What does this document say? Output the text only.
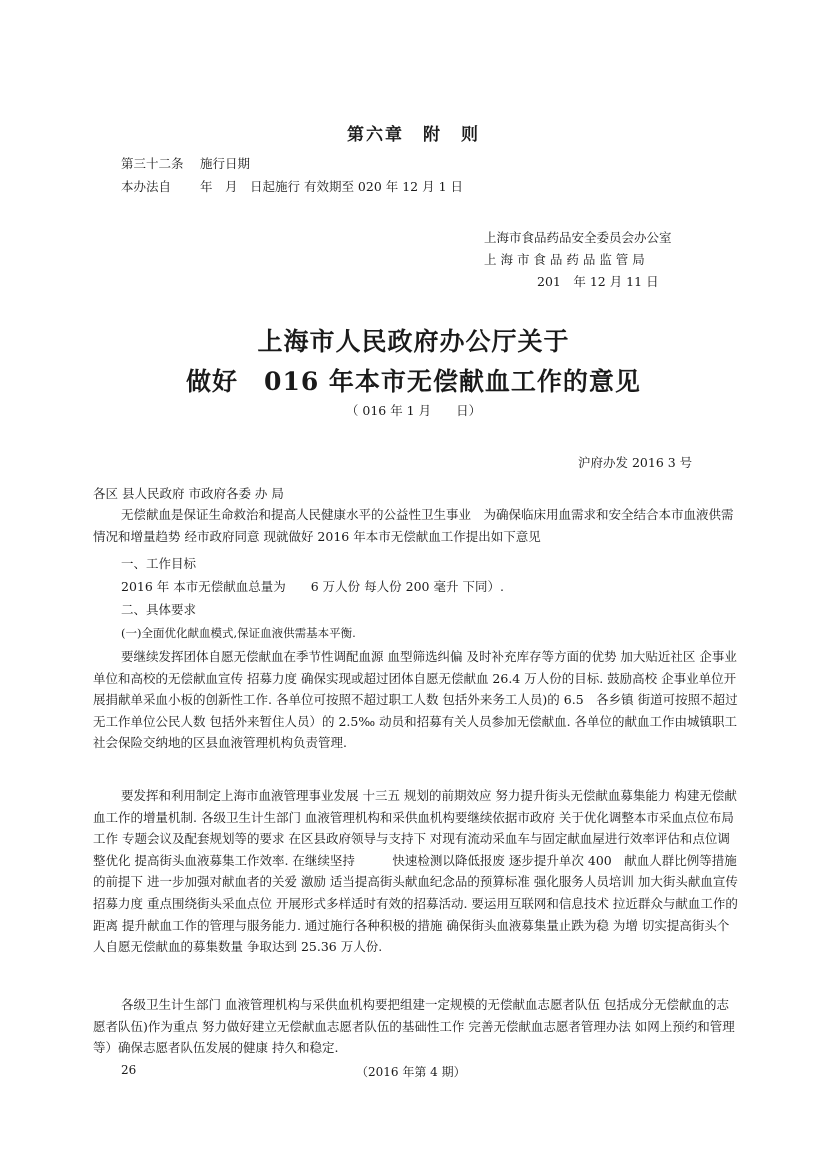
第六章　附　则
第三十二条　 施行日期
本办法自　　 年　月　日起施行 有效期至 020 年 12 月 1 日
上海市食品药品安全委员会办公室
上 海 市 食 品 药 品 监 管 局
201　年 12 月 11 日
上海市人民政府办公厅关于
做好　016 年本市无偿献血工作的意见
（ 016 年 1 月　　日）
沪府办发 2016 3 号
各区 县人民政府 市政府各委 办 局
无偿献血是保证生命救治和提高人民健康水平的公益性卫生事业　为确保临床用血需求和安全结合本市血液供需情况和增量趋势 经市政府同意 现就做好 2016 年本市无偿献血工作提出如下意见
一、工作目标
2016 年 本市无偿献血总量为　　6 万人份 每人份 200 毫升 下同）.
二、具体要求
(一)全面优化献血模式,保证血液供需基本平衡.
要继续发挥团体自愿无偿献血在季节性调配血源 血型筛选纠偏 及时补充库存等方面的优势 加大贴近社区 企事业单位和高校的无偿献血宣传 招募力度 确保实现或超过团体自愿无偿献血 26.4 万人份的目标. 鼓励高校 企事业单位开展捐献单采血小板的创新性工作. 各单位可按照不超过职工人数 包括外来务工人员)的 6.5　各乡镇 街道可按照不超过无工作单位公民人数 包括外来暂住人员）的 2.5‰ 动员和招募有关人员参加无偿献血. 各单位的献血工作由城镇职工社会保险交纳地的区县血液管理机构负责管理.
要发挥和利用制定上海市血液管理事业发展 十三五 规划的前期效应 努力提升街头无偿献血募集能力 构建无偿献血工作的增量机制. 各级卫生计生部门 血液管理机构和采供血机构要继续依据市政府 关于优化调整本市采血点位布局工作 专题会议及配套规划等的要求 在区县政府领导与支持下 对现有流动采血车与固定献血屋进行效率评估和点位调整优化 提高街头血液募集工作效率. 在继续坚持　　　快速检测以降低报废 逐步提升单次 400　献血人群比例等措施的前提下 进一步加强对献血者的关爱 激励 适当提高街头献血纪念品的预算标准 强化服务人员培训 加大街头献血宣传招募力度 重点围绕街头采血点位 开展形式多样适时有效的招募活动. 要运用互联网和信息技术 拉近群众与献血工作的距离 提升献血工作的管理与服务能力. 通过施行各种积极的措施 确保街头血液募集量止跌为稳 为增 切实提高街头个人自愿无偿献血的募集数量 争取达到 25.36 万人份.
各级卫生计生部门 血液管理机构与采供血机构要把组建一定规模的无偿献血志愿者队伍 包括成分无偿献血的志愿者队伍)作为重点 努力做好建立无偿献血志愿者队伍的基础性工作 完善无偿献血志愿者管理办法 如网上预约和管理等）确保志愿者队伍发展的健康 持久和稳定.
26	（2016 年第 4 期）
